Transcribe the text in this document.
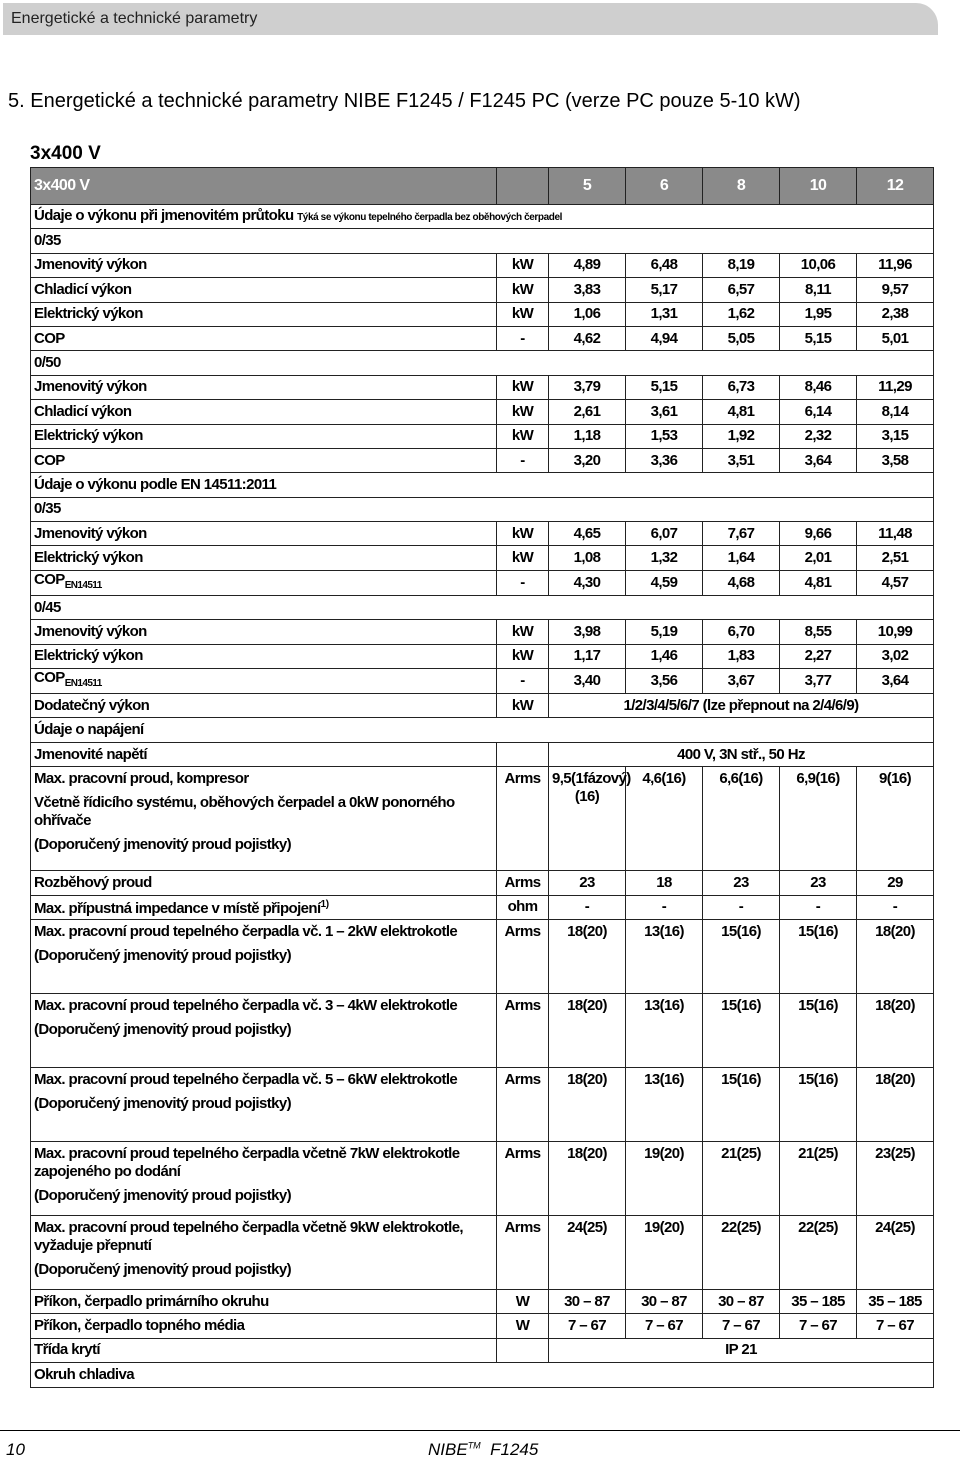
Energetické a technické parametry
5. Energetické a technické parametry NIBE F1245 / F1245 PC (verze PC pouze 5-10 kW)
3x400 V
3x400 V		5	6	8	10	12
Údaje o výkonu při jmenovitém průtoku Týká se výkonu tepelného čerpadla bez oběhových čerpadel						
0/35						
Jmenovitý výkon	kW	4,89	6,48	8,19	10,06	11,96
Chladicí výkon	kW	3,83	5,17	6,57	8,11	9,57
Elektrický výkon	kW	1,06	1,31	1,62	1,95	2,38
COP	-	4,62	4,94	5,05	5,15	5,01
0/50						
Jmenovitý výkon	kW	3,79	5,15	6,73	8,46	11,29
Chladicí výkon	kW	2,61	3,61	4,81	6,14	8,14
Elektrický výkon	kW	1,18	1,53	1,92	2,32	3,15
COP	-	3,20	3,36	3,51	3,64	3,58
Údaje o výkonu podle EN 14511:2011						
0/35						
Jmenovitý výkon	kW	4,65	6,07	7,67	9,66	11,48
Elektrický výkon	kW	1,08	1,32	1,64	2,01	2,51
$COP_{EN14511}$	-	4,30	4,59	4,68	4,81	4,57
0/45						
Jmenovitý výkon	kW	3,98	5,19	6,70	8,55	10,99
Elektrický výkon	kW	1,17	1,46	1,83	2,27	3,02
$COP_{EN14511}$	-	3,40	3,56	3,67	3,77	3,64
Dodatečný výkon	kW	1/2/3/4/5/6/7 (lze přepnout na 2/4/6/9)				
Údaje o napájení						
Jmenovité napětí		400 V, 3N stř., 50 Hz				
Max. pracovní proud, kompresor
Včetně řídicího systému, oběhových čerpadel a 0kW ponorného ohřívače
(Doporučený jmenovitý proud pojistky)	Arms	9,5(1fázový) (16)	4,6(16)	6,6(16)	6,9(16)	9(16)
Rozběhový proud	Arms	23	18	23	23	29
Max. přípustná impedance v místě připojení$^{1)}$	ohm	-	-	-	-	-
Max. pracovní proud tepelného čerpadla vč. 1 – 2kW elektrokotle
(Doporučený jmenovitý proud pojistky)	Arms	18(20)	13(16)	15(16)	15(16)	18(20)
Max. pracovní proud tepelného čerpadla vč. 3 – 4kW elektrokotle
(Doporučený jmenovitý proud pojistky)	Arms	18(20)	13(16)	15(16)	15(16)	18(20)
Max. pracovní proud tepelného čerpadla vč. 5 – 6kW elektrokotle
(Doporučený jmenovitý proud pojistky)	Arms	18(20)	13(16)	15(16)	15(16)	18(20)
Max. pracovní proud tepelného čerpadla včetně 7kW elektrokotle zapojeného po dodání
(Doporučený jmenovitý proud pojistky)	Arms	18(20)	19(20)	21(25)	21(25)	23(25)
Max. pracovní proud tepelného čerpadla včetně 9kW elektrokotle, vyžaduje přepnutí
(Doporučený jmenovitý proud pojistky)	Arms	24(25)	19(20)	22(25)	22(25)	24(25)
Příkon, čerpadlo primárního okruhu	W	30 – 87	30 – 87	30 – 87	35 – 185	35 – 185
Příkon, čerpadlo topného média	W	7 – 67	7 – 67	7 – 67	7 – 67	7 – 67
Třída krytí		IP 21				
Okruh chladiva						
10	NIBE™ F1245
